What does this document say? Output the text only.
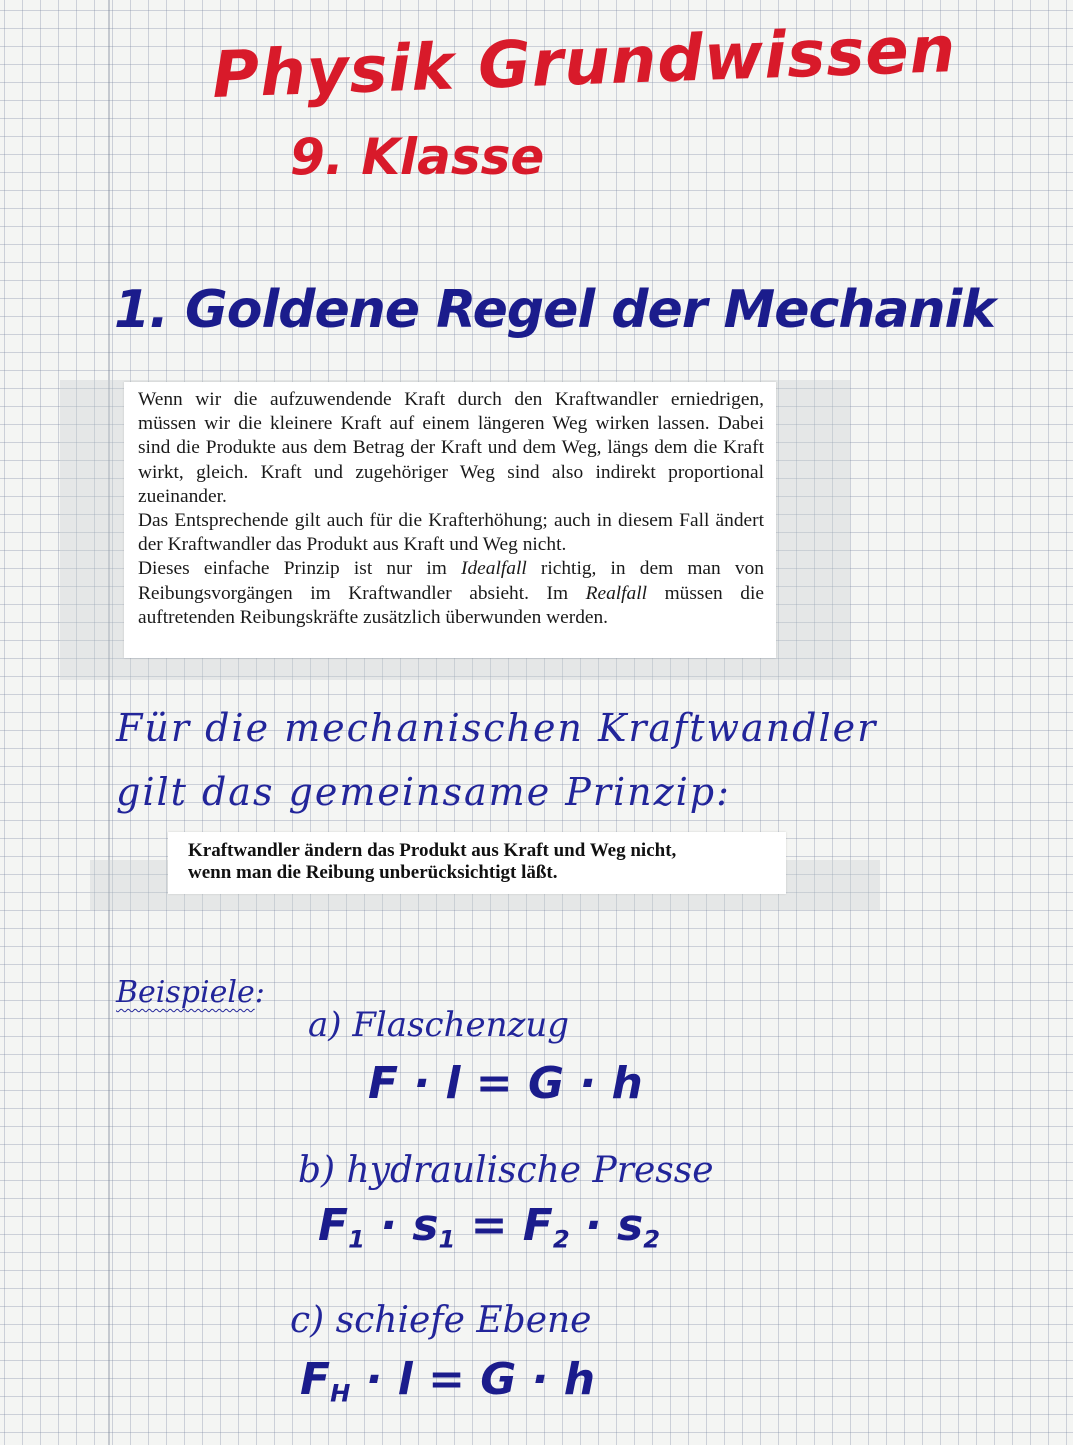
Physik Grundwissen
9. Klasse
1. Goldene Regel der Mechanik

Wenn wir die aufzuwendende Kraft durch den Kraftwandler erniedrigen, müssen wir die kleinere Kraft auf einem längeren Weg wirken lassen. Dabei sind die Produkte aus dem Betrag der Kraft und dem Weg, längs dem die Kraft wirkt, gleich. Kraft und zugehöriger Weg sind also indirekt proportional zueinander.

Das Entsprechende gilt auch für die Krafterhöhung; auch in diesem Fall ändert der Kraftwandler das Produkt aus Kraft und Weg nicht.

Dieses einfache Prinzip ist nur im Idealfall richtig, in dem man von Reibungsvorgängen im Kraftwandler absieht. Im Realfall müssen die auftretenden Reibungskräfte zusätzlich überwunden werden.

Für die mechanischen Kraftwandler
gilt das gemeinsame Prinzip:

Kraftwandler ändern das Produkt aus Kraft und Weg nicht,

wenn man die Reibung unberücksichtigt läßt.

Beispiele:
a) Flaschenzug
F · l = G · h
b) hydraulische Presse
$F_1 \cdot s_1 = F_2 \cdot s_2$
c) schiefe Ebene
$F_H \cdot l = G \cdot h$
